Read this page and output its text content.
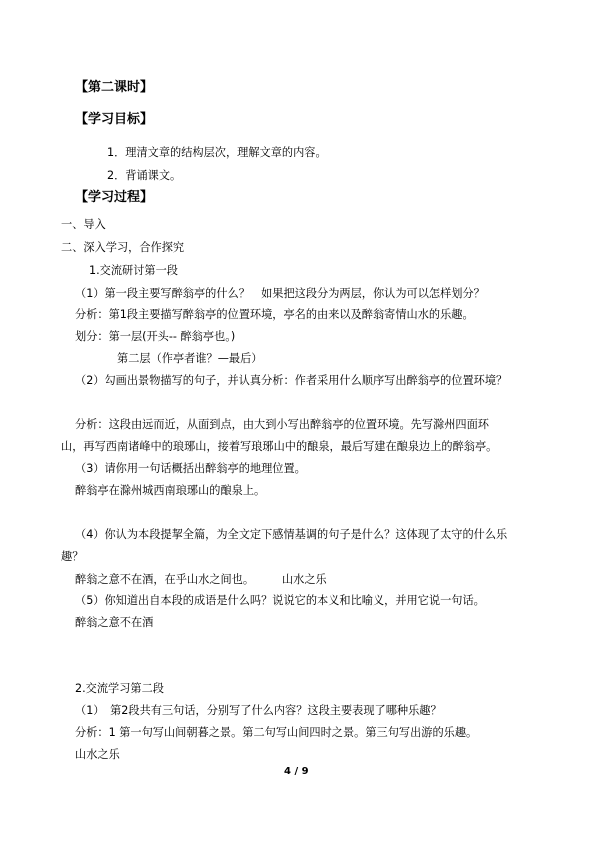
【第二课时】
【学习目标】
1．理清文章的结构层次，理解文章的内容。
2．背诵课文。
【学习过程】
一、导入
二、深入学习，合作探究
1.交流研讨第一段
（1）第一段主要写醉翁亭的什么？　如果把这段分为两层，你认为可以怎样划分？
分析：第1段主要描写醉翁亭的位置环境，亭名的由来以及醉翁寄情山水的乐趣。
划分：第一层(开头-- 醉翁亭也。)
第二层（作亭者谁？—最后）
（2）勾画出景物描写的句子，并认真分析：作者采用什么顺序写出醉翁亭的位置环境？
分析：这段由远而近，从面到点，由大到小写出醉翁亭的位置环境。先写滁州四面环
山，再写西南诸峰中的琅琊山，接着写琅琊山中的酿泉，最后写建在酿泉边上的醉翁亭。
（3）请你用一句话概括出醉翁亭的地理位置。
醉翁亭在滁州城西南琅琊山的酿泉上。
（4）你认为本段提挈全篇，为全文定下感情基调的句子是什么？这体现了太守的什么乐
趣？
醉翁之意不在酒，在乎山水之间也。　　　山水之乐
（5）你知道出自本段的成语是什么吗？说说它的本义和比喻义，并用它说一句话。
醉翁之意不在酒
2.交流学习第二段
（1）　第2段共有三句话，分别写了什么内容？这段主要表现了哪种乐趣？
分析：1 第一句写山间朝暮之景。第二句写山间四时之景。第三句写出游的乐趣。
山水之乐
4 / 9
